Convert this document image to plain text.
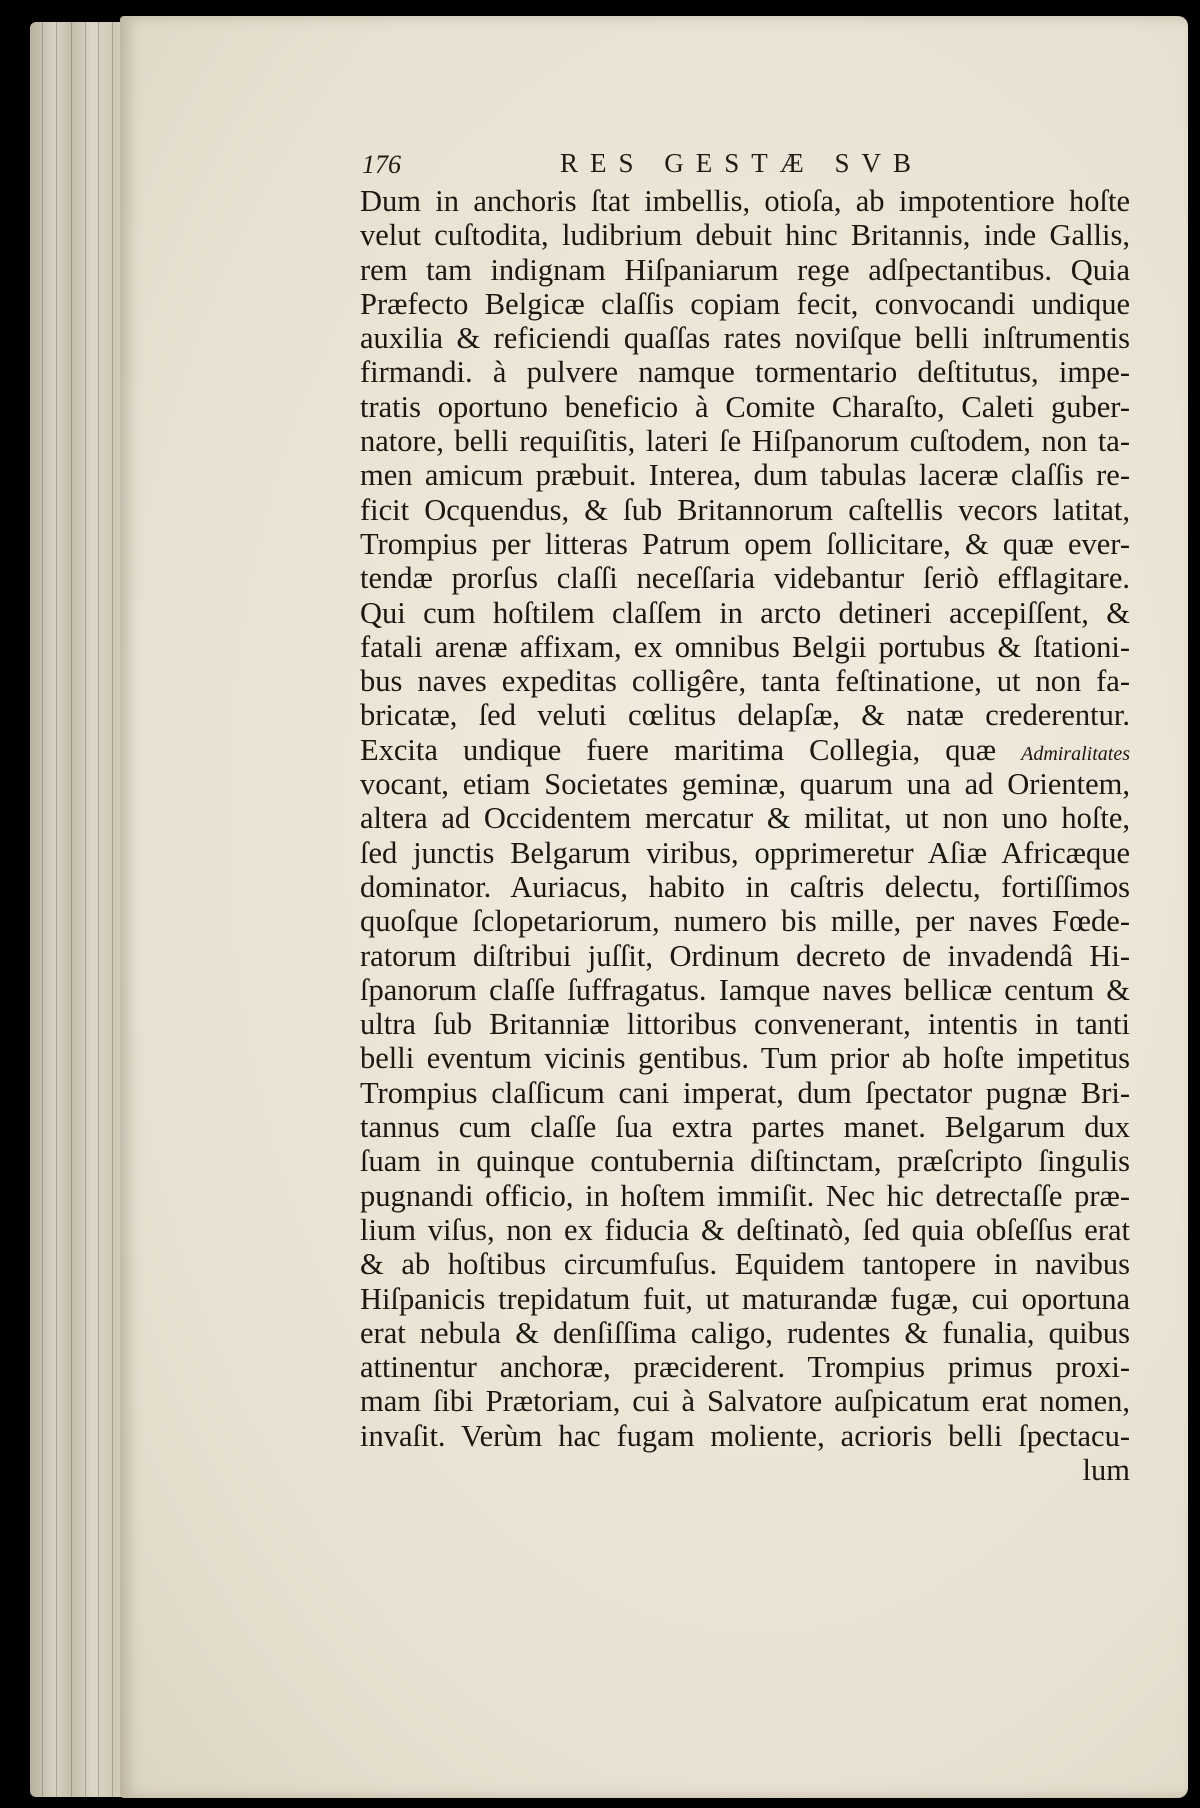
176	RES GESTÆ SVB
Dum in anchoris ſtat imbellis, otioſa, ab impotentiore hoſte
velut cuſtodita, ludibrium debuit hinc Britannis, inde Gallis,
rem tam indignam Hiſpaniarum rege adſpectantibus. Quia
Præfecto Belgicæ claſſis copiam fecit, convocandi undique
auxilia & reficiendi quaſſas rates noviſque belli inſtrumentis
firmandi. à pulvere namque tormentario deſtitutus, impe-
tratis oportuno beneficio à Comite Charaſto, Caleti guber-
natore, belli requiſitis, lateri ſe Hiſpanorum cuſtodem, non ta-
men amicum præbuit. Interea, dum tabulas laceræ claſſis re-
ficit Ocquendus, & ſub Britannorum caſtellis vecors latitat,
Trompius per litteras Patrum opem ſollicitare, & quæ ever-
tendæ prorſus claſſi neceſſaria videbantur ſeriò efflagitare.
Qui cum hoſtilem claſſem in arcto detineri accepiſſent, &
fatali arenæ affixam, ex omnibus Belgii portubus & ſtationi-
bus naves expeditas colligêre, tanta feſtinatione, ut non fa-
bricatæ, ſed veluti cœlitus delapſæ, & natæ crederentur.
Excita undique fuere maritima Collegia, quæ Admiralitates
vocant, etiam Societates geminæ, quarum una ad Orientem,
altera ad Occidentem mercatur & militat, ut non uno hoſte,
ſed junctis Belgarum viribus, opprimeretur Aſiæ Africæque
dominator. Auriacus, habito in caſtris delectu, fortiſſimos
quoſque ſclopetariorum, numero bis mille, per naves Fœde-
ratorum diſtribui juſſit, Ordinum decreto de invadendâ Hi-
ſpanorum claſſe ſuffragatus. Iamque naves bellicæ centum &
ultra ſub Britanniæ littoribus convenerant, intentis in tanti
belli eventum vicinis gentibus. Tum prior ab hoſte impetitus
Trompius claſſicum cani imperat, dum ſpectator pugnæ Bri-
tannus cum claſſe ſua extra partes manet. Belgarum dux
ſuam in quinque contubernia diſtinctam, præſcripto ſingulis
pugnandi officio, in hoſtem immiſit. Nec hic detrectaſſe præ-
lium viſus, non ex fiducia & deſtinatò, ſed quia obſeſſus erat
& ab hoſtibus circumfuſus. Equidem tantopere in navibus
Hiſpanicis trepidatum fuit, ut maturandæ fugæ, cui oportuna
erat nebula & denſiſſima caligo, rudentes & funalia, quibus
attinentur anchoræ, præciderent. Trompius primus proxi-
mam ſibi Prætoriam, cui à Salvatore auſpicatum erat nomen,
invaſit. Verùm hac fugam moliente, acrioris belli ſpectacu-
lum
